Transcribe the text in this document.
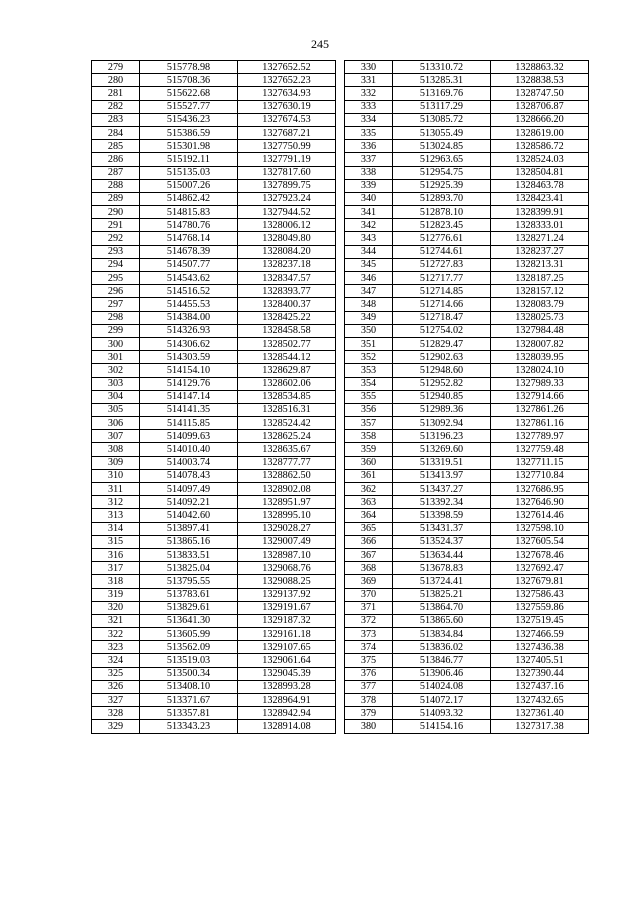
245
279	515778.98	1327652.52
280	515708.36	1327652.23
281	515622.68	1327634.93
282	515527.77	1327630.19
283	515436.23	1327674.53
284	515386.59	1327687.21
285	515301.98	1327750.99
286	515192.11	1327791.19
287	515135.03	1327817.60
288	515007.26	1327899.75
289	514862.42	1327923.24
290	514815.83	1327944.52
291	514780.76	1328006.12
292	514768.14	1328049.80
293	514678.39	1328084.20
294	514507.77	1328237.18
295	514543.62	1328347.57
296	514516.52	1328393.77
297	514455.53	1328400.37
298	514384.00	1328425.22
299	514326.93	1328458.58
300	514306.62	1328502.77
301	514303.59	1328544.12
302	514154.10	1328629.87
303	514129.76	1328602.06
304	514147.14	1328534.85
305	514141.35	1328516.31
306	514115.85	1328524.42
307	514099.63	1328625.24
308	514010.40	1328635.67
309	514003.74	1328777.77
310	514078.43	1328862.50
311	514097.49	1328902.08
312	514092.21	1328951.97
313	514042.60	1328995.10
314	513897.41	1329028.27
315	513865.16	1329007.49
316	513833.51	1328987.10
317	513825.04	1329068.76
318	513795.55	1329088.25
319	513783.61	1329137.92
320	513829.61	1329191.67
321	513641.30	1329187.32
322	513605.99	1329161.18
323	513562.09	1329107.65
324	513519.03	1329061.64
325	513500.34	1329045.39
326	513408.10	1328993.28
327	513371.67	1328964.91
328	513357.81	1328942.94
329	513343.23	1328914.08
330	513310.72	1328863.32
331	513285.31	1328838.53
332	513169.76	1328747.50
333	513117.29	1328706.87
334	513085.72	1328666.20
335	513055.49	1328619.00
336	513024.85	1328586.72
337	512963.65	1328524.03
338	512954.75	1328504.81
339	512925.39	1328463.78
340	512893.70	1328423.41
341	512878.10	1328399.91
342	512823.45	1328333.01
343	512776.61	1328271.24
344	512744.61	1328237.27
345	512727.83	1328213.31
346	512717.77	1328187.25
347	512714.85	1328157.12
348	512714.66	1328083.79
349	512718.47	1328025.73
350	512754.02	1327984.48
351	512829.47	1328007.82
352	512902.63	1328039.95
353	512948.60	1328024.10
354	512952.82	1327989.33
355	512940.85	1327914.66
356	512989.36	1327861.26
357	513092.94	1327861.16
358	513196.23	1327789.97
359	513269.60	1327759.48
360	513319.51	1327711.15
361	513413.97	1327710.84
362	513437.27	1327686.95
363	513392.34	1327646.90
364	513398.59	1327614.46
365	513431.37	1327598.10
366	513524.37	1327605.54
367	513634.44	1327678.46
368	513678.83	1327692.47
369	513724.41	1327679.81
370	513825.21	1327586.43
371	513864.70	1327559.86
372	513865.60	1327519.45
373	513834.84	1327466.59
374	513836.02	1327436.38
375	513846.77	1327405.51
376	513906.46	1327390.44
377	514024.08	1327437.16
378	514072.17	1327432.65
379	514093.32	1327361.40
380	514154.16	1327317.38
